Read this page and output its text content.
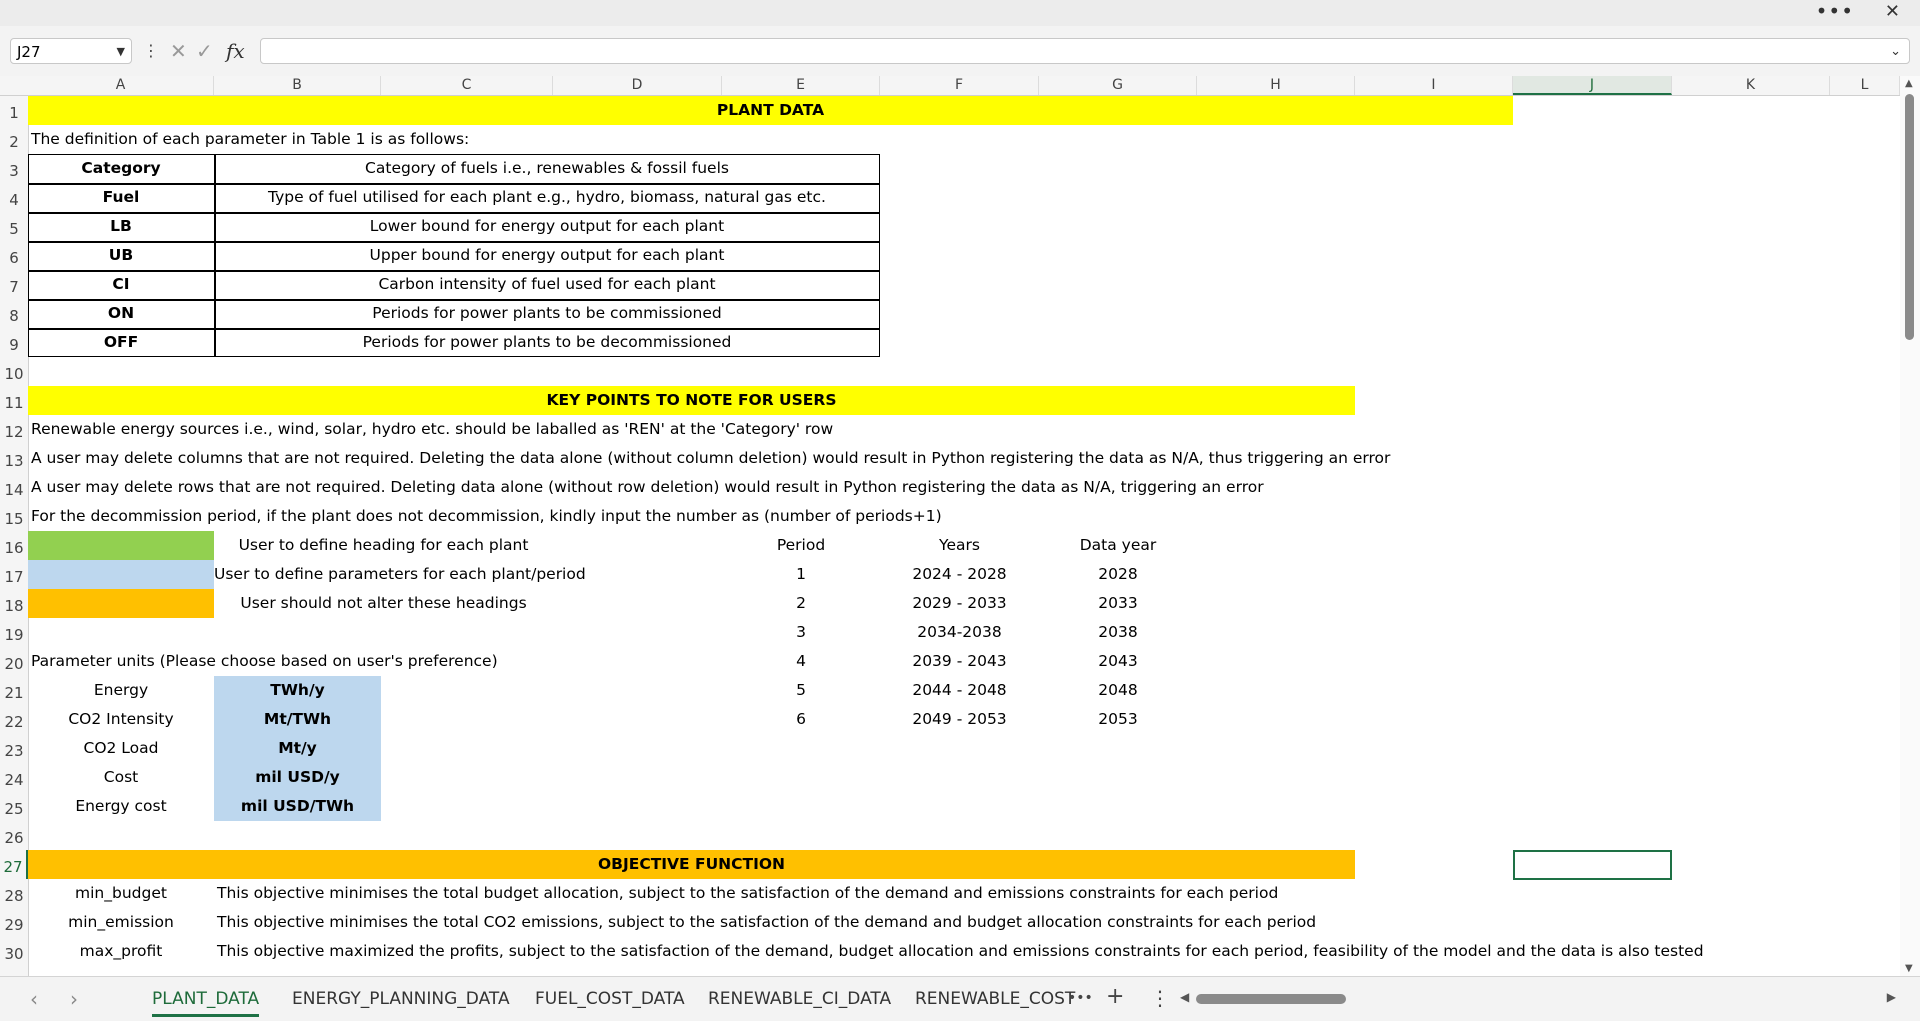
••• ✕
J27	▼ ⋮ ✕ ✓ fx	⌄
A	B	C	D	E	F	G	H	I	J	K	L
1
2
3
4
5
6
7
8
9
10
11
12
13
14
15
16
17
18
19
20
21
22
23
24
25
26
27
28
29
30
PLANT DATA
The definition of each parameter in Table 1 is as follows:
Category	Category of fuels i.e., renewables & fossil fuels
Fuel	Type of fuel utilised for each plant e.g., hydro, biomass, natural gas etc.
LB	Lower bound for energy output for each plant
UB	Upper bound for energy output for each plant
CI	Carbon intensity of fuel used for each plant
ON	Periods for power plants to be commissioned
OFF	Periods for power plants to be decommissioned
KEY POINTS TO NOTE FOR USERS
Renewable energy sources i.e., wind, solar, hydro etc. should be laballed as 'REN' at the 'Category' row
A user may delete columns that are not required. Deleting the data alone (without column deletion) would result in Python registering the data as N/A, thus triggering an error
A user may delete rows that are not required. Deleting data alone (without row deletion) would result in Python registering the data as N/A, triggering an error
For the decommission period, if the plant does not decommission, kindly input the number as (number of periods+1)
User to define heading for each plant
User to define parameters for each plant/period
User should not alter these headings
Period	Years	Data year
1	2024 - 2028	2028
2	2029 - 2033	2033
3	2034-2038	2038
4	2039 - 2043	2043
5	2044 - 2048	2048
6	2049 - 2053	2053
Parameter units (Please choose based on user's preference)
Energy	TWh/y
CO2 Intensity	Mt/TWh
CO2 Load	Mt/y
Cost	mil USD/y
Energy cost	mil USD/TWh
OBJECTIVE FUNCTION
min_budget	This objective minimises the total budget allocation, subject to the satisfaction of the demand and emissions constraints for each period
min_emission	This objective minimises the total CO2 emissions, subject to the satisfaction of the demand and budget allocation constraints for each period
max_profit	This objective maximized the profits, subject to the satisfaction of the demand, budget allocation and emissions constraints for each period, feasibility of the model and the data is also tested
▲
▼
‹ ›	PLANT_DATA ENERGY_PLANNING_DATA FUEL_COST_DATA RENEWABLE_CI_DATA RENEWABLE_COST
••• + ⋮ ◀	▶
